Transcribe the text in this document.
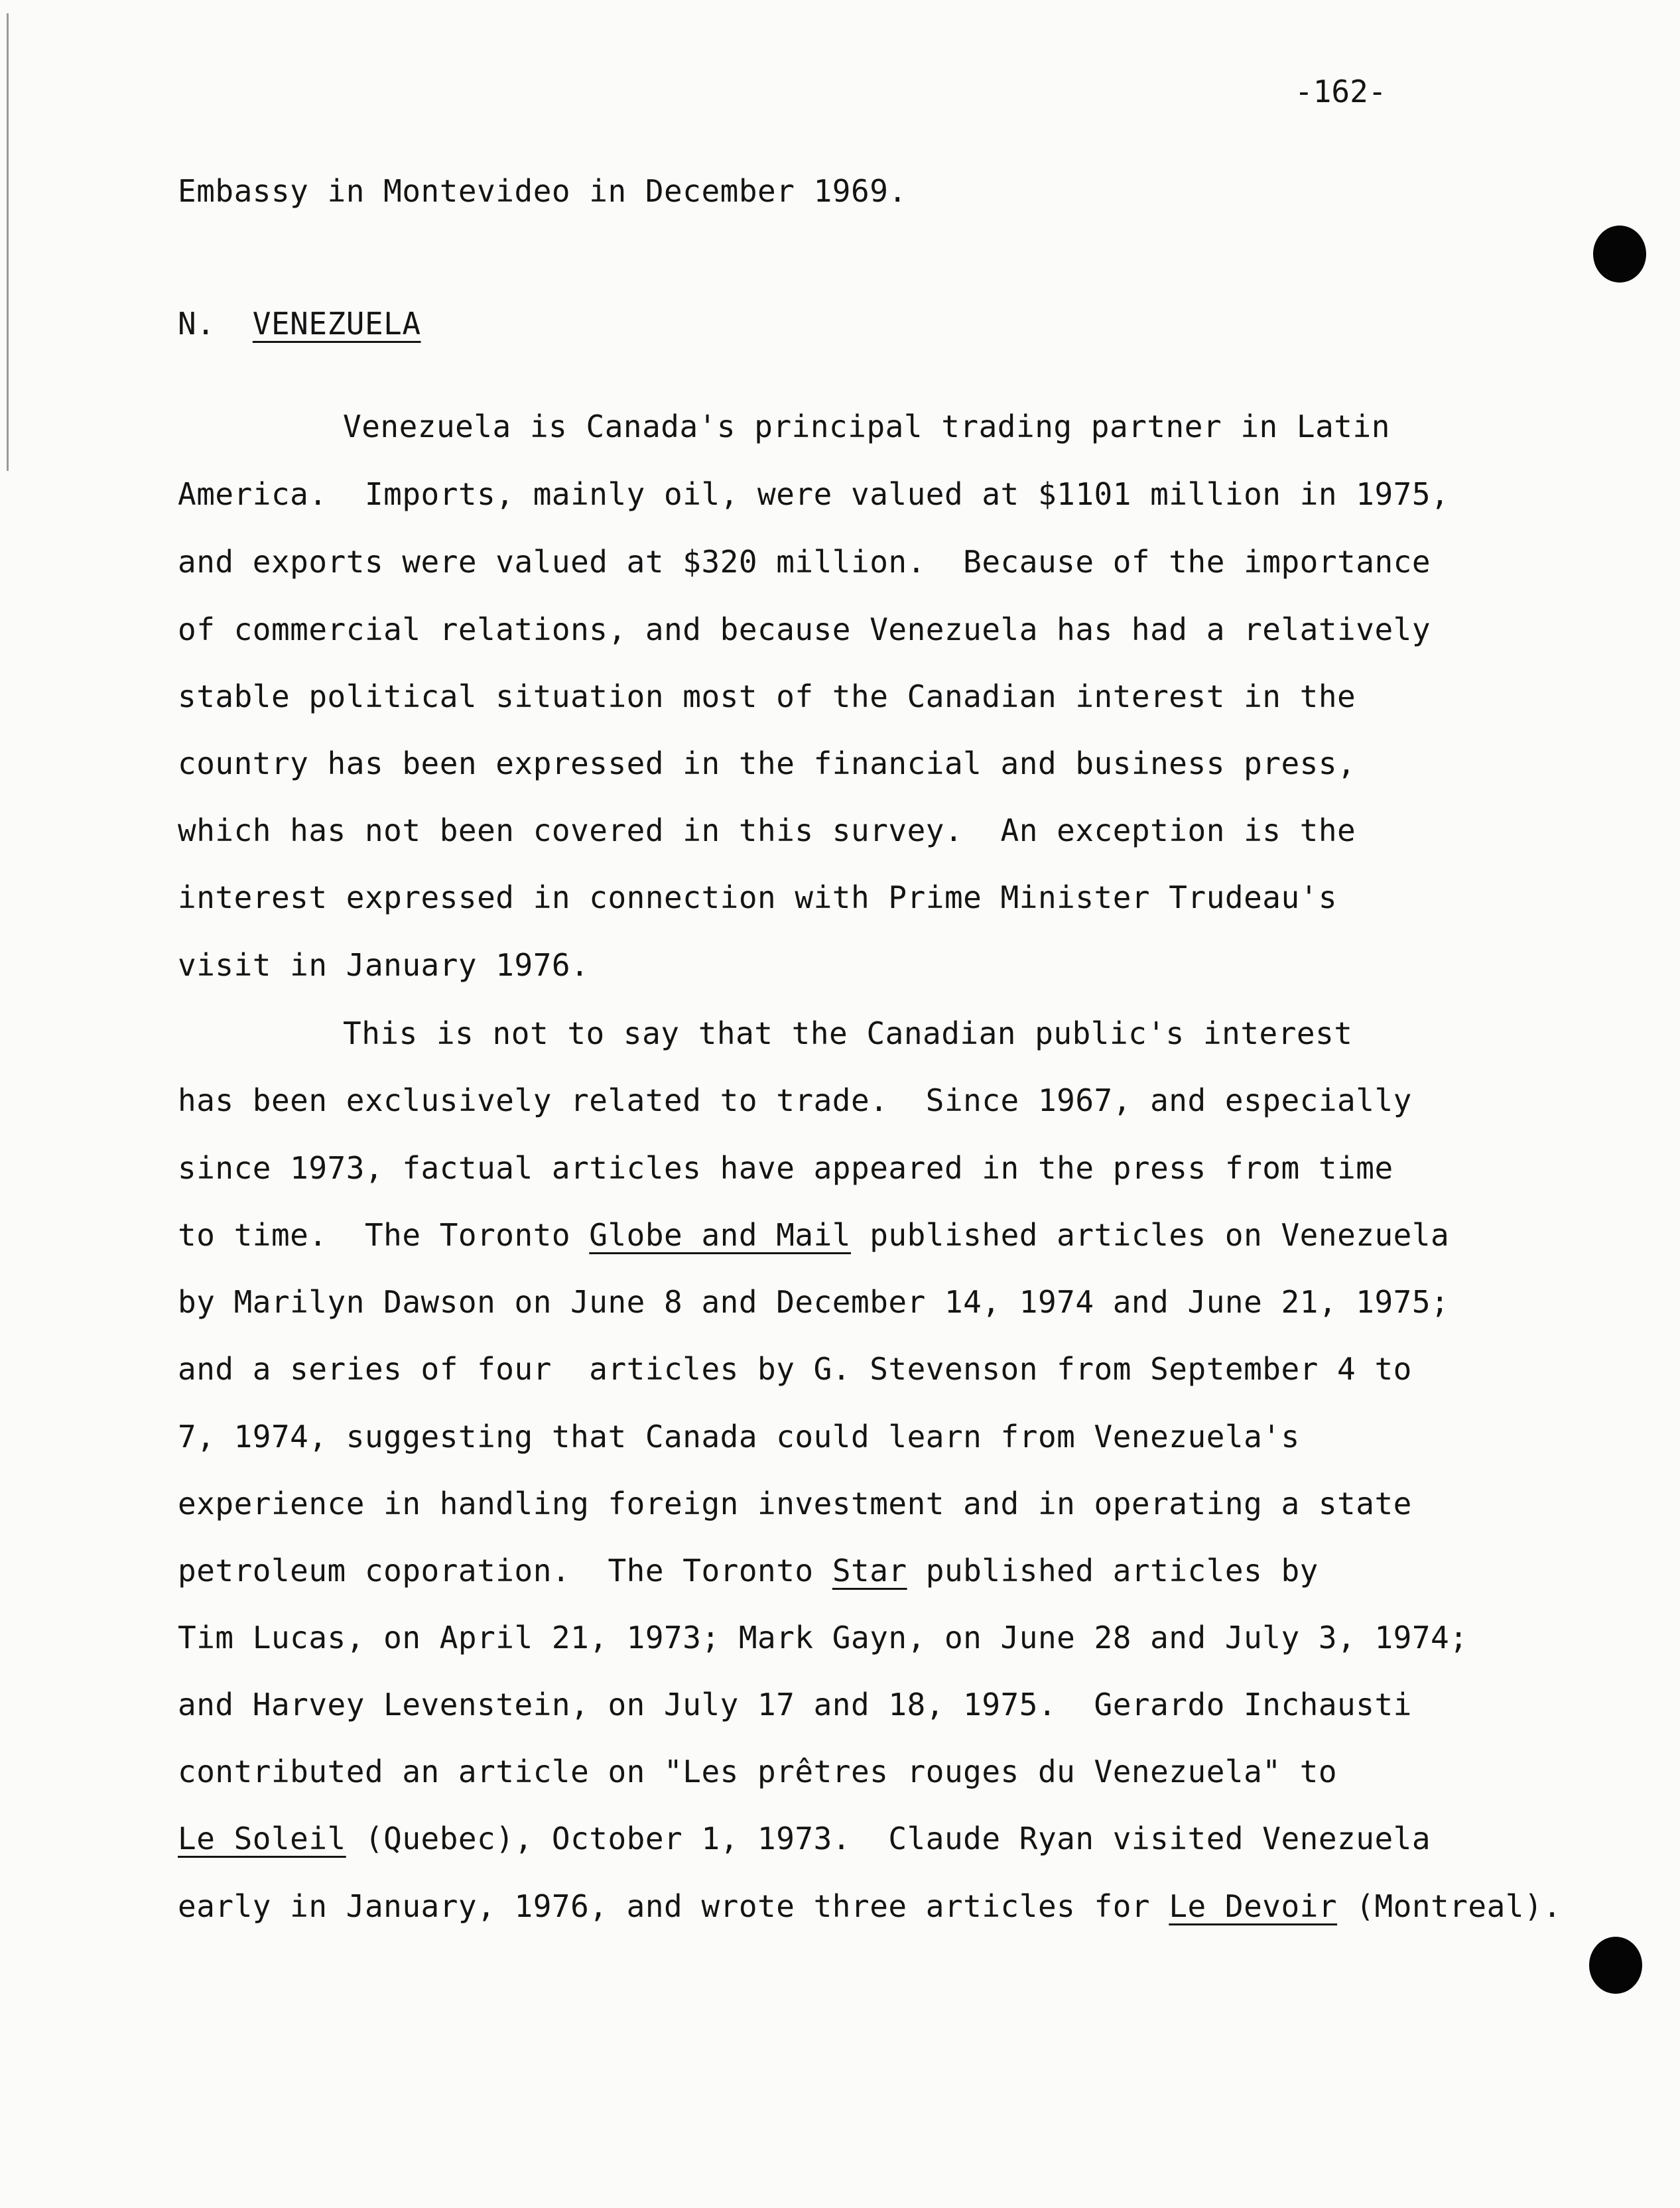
-162-
Embassy in Montevideo in December 1969.
N.  VENEZUELA
Venezuela is Canada's principal trading partner in Latin
America.  Imports, mainly oil, were valued at $1101 million in 1975,
and exports were valued at $320 million.  Because of the importance
of commercial relations, and because Venezuela has had a relatively
stable political situation most of the Canadian interest in the
country has been expressed in the financial and business press,
which has not been covered in this survey.  An exception is the
interest expressed in connection with Prime Minister Trudeau's
visit in January 1976.
This is not to say that the Canadian public's interest
has been exclusively related to trade.  Since 1967, and especially
since 1973, factual articles have appeared in the press from time
to time.  The Toronto Globe and Mail published articles on Venezuela
by Marilyn Dawson on June 8 and December 14, 1974 and June 21, 1975;
and a series of four  articles by G. Stevenson from September 4 to
7, 1974, suggesting that Canada could learn from Venezuela's
experience in handling foreign investment and in operating a state
petroleum coporation.  The Toronto Star published articles by
Tim Lucas, on April 21, 1973; Mark Gayn, on June 28 and July 3, 1974;
and Harvey Levenstein, on July 17 and 18, 1975.  Gerardo Inchausti
contributed an article on "Les prêtres rouges du Venezuela" to
Le Soleil (Quebec), October 1, 1973.  Claude Ryan visited Venezuela
early in January, 1976, and wrote three articles for Le Devoir (Montreal).
